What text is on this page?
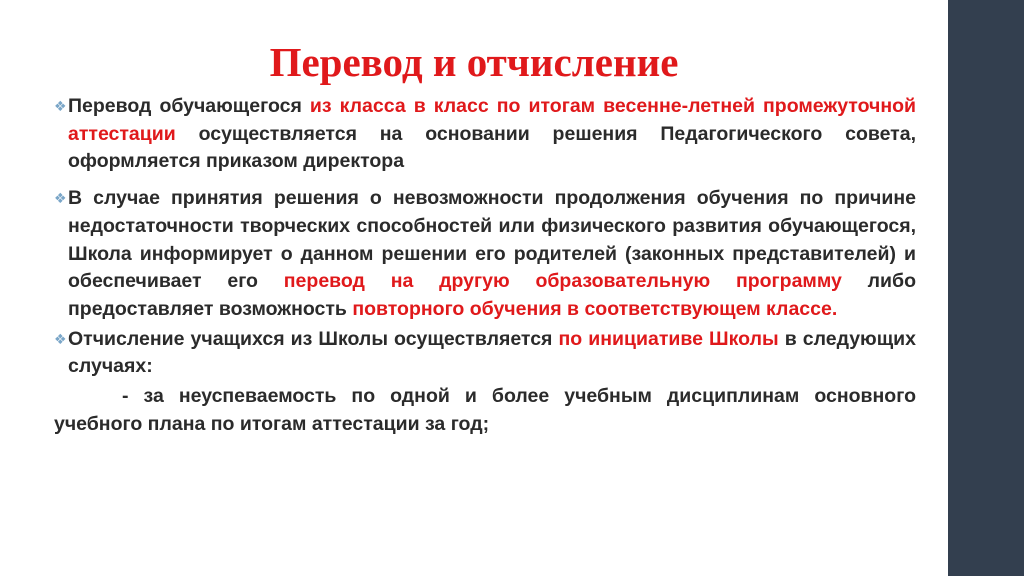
Перевод и отчисление
❖ Перевод обучающегося из класса в класс по итогам весенне-летней промежуточной аттестации осуществляется на основании решения Педагогического совета, оформляется приказом директора
❖ В случае принятия решения о невозможности продолжения обучения по причине недостаточности творческих способностей или физического развития обучающегося, Школа информирует о данном решении его родителей (законных представителей) и обеспечивает его перевод на другую образовательную программу либо предоставляет возможность повторного обучения в соответствующем классе.
❖ Отчисление учащихся из Школы осуществляется по инициативе Школы в следующих случаях:

- за неуспеваемость по одной и более учебным дисциплинам основного учебного плана по итогам аттестации за год;
